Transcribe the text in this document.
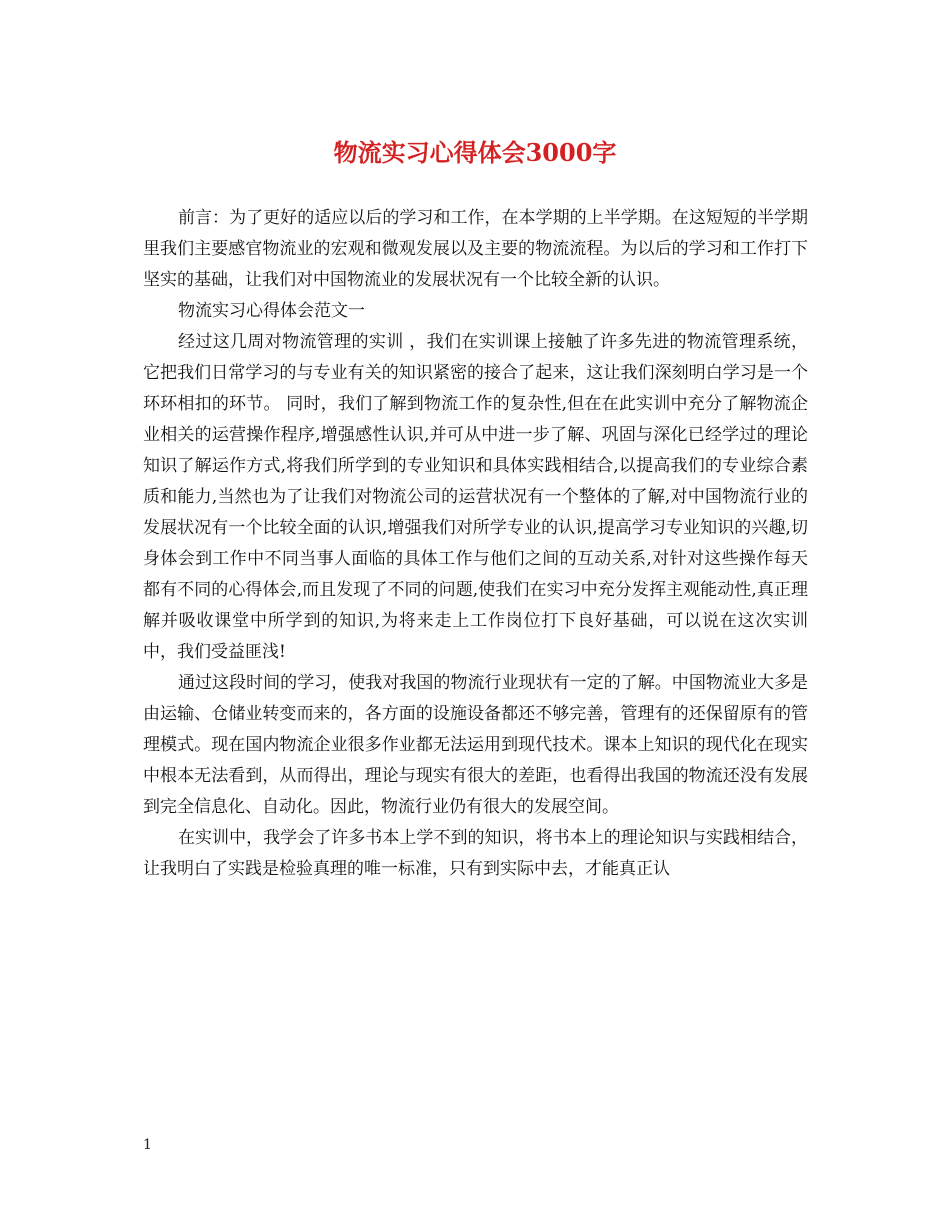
物流实习心得体会3000字

前言：为了更好的适应以后的学习和工作，在本学期的上半学期。在这短短的半学期里我们主要感官物流业的宏观和微观发展以及主要的物流流程。为以后的学习和工作打下坚实的基础，让我们对中国物流业的发展状况有一个比较全新的认识。

物流实习心得体会范文一

经过这几周对物流管理的实训 ，我们在实训课上接触了许多先进的物流管理系统，它把我们日常学习的与专业有关的知识紧密的接合了起来，这让我们深刻明白学习是一个环环相扣的环节。 同时，我们了解到物流工作的复杂性,但在在此实训中充分了解物流企业相关的运营操作程序,增强感性认识,并可从中进一步了解、巩固与深化已经学过的理论知识了解运作方式,将我们所学到的专业知识和具体实践相结合,以提高我们的专业综合素质和能力,当然也为了让我们对物流公司的运营状况有一个整体的了解,对中国物流行业的发展状况有一个比较全面的认识,增强我们对所学专业的认识,提高学习专业知识的兴趣,切身体会到工作中不同当事人面临的具体工作与他们之间的互动关系,对针对这些操作每天都有不同的心得体会,而且发现了不同的问题,使我们在实习中充分发挥主观能动性,真正理解并吸收课堂中所学到的知识,为将来走上工作岗位打下良好基础，可以说在这次实训中，我们受益匪浅!

通过这段时间的学习，使我对我国的物流行业现状有一定的了解。中国物流业大多是由运输、仓储业转变而来的，各方面的设施设备都还不够完善，管理有的还保留原有的管理模式。现在国内物流企业很多作业都无法运用到现代技术。课本上知识的现代化在现实中根本无法看到，从而得出，理论与现实有很大的差距，也看得出我国的物流还没有发展到完全信息化、自动化。因此，物流行业仍有很大的发展空间。

在实训中，我学会了许多书本上学不到的知识，将书本上的理论知识与实践相结合，让我明白了实践是检验真理的唯一标准，只有到实际中去，才能真正认

1
